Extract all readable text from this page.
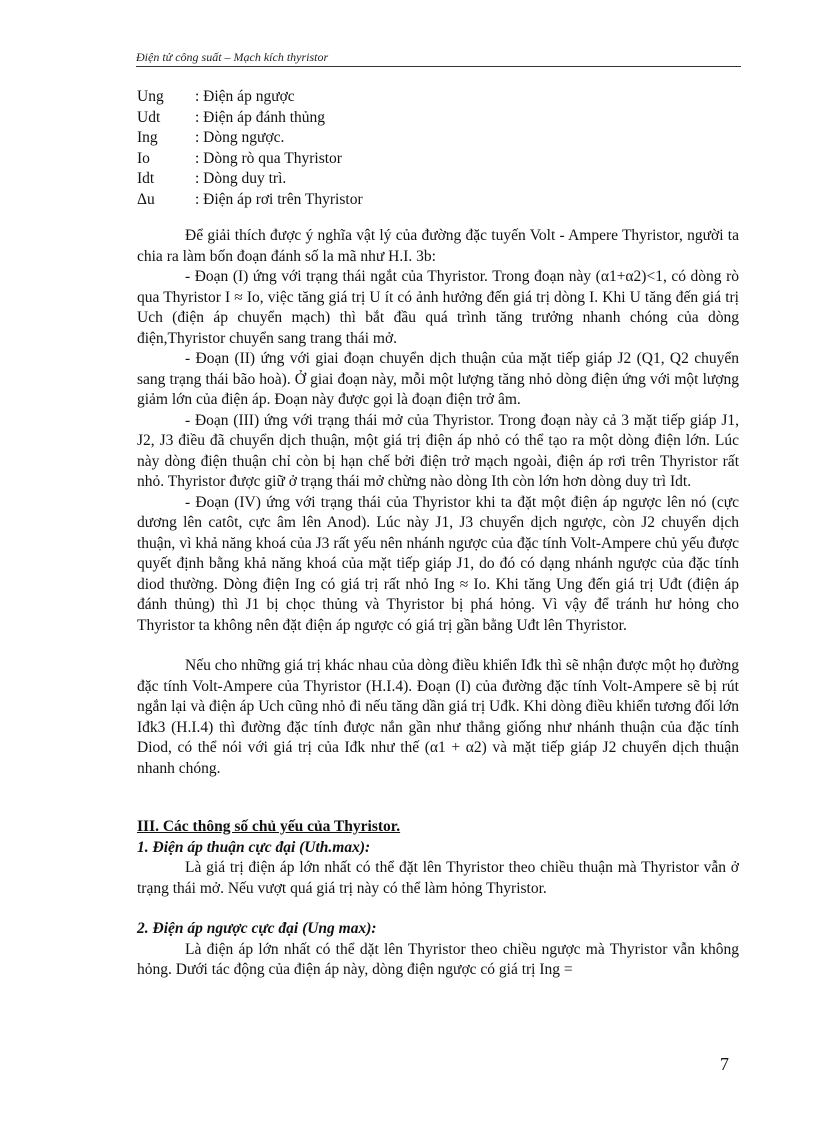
Điện tử công suất – Mạch kích thyristor
Ung	: Điện áp ngược
Udt	: Điện áp đánh thủng
Ing	: Dòng ngược.
Io	: Dòng rò qua Thyristor
Idt	: Dòng duy trì.
Δu	: Điện áp rơi trên Thyristor

Để giải thích được ý nghĩa vật lý của đường đặc tuyến Volt - Ampere Thyristor, người ta chia ra làm bốn đoạn đánh số la mã như H.I. 3b:

- Đoạn (I) ứng với trạng thái ngắt của Thyristor. Trong đoạn này (α1+α2)<1, có dòng rò qua Thyristor I ≈ Io, việc tăng giá trị U ít có ảnh hưởng đến giá trị dòng I. Khi U tăng đến giá trị Uch (điện áp chuyển mạch) thì bắt đầu quá trình tăng trưởng nhanh chóng của dòng điện,Thyristor chuyển sang trang thái mở.

- Đoạn (II) ứng với giai đoạn chuyển dịch thuận của mặt tiếp giáp J2 (Q1, Q2 chuyển sang trạng thái bão hoà). Ở giai đoạn này, mỗi một lượng tăng nhỏ dòng điện ứng với một lượng giảm lớn của điện áp. Đoạn này được gọi là đoạn điện trở âm.

- Đoạn (III) ứng với trạng thái mở của Thyristor. Trong đoạn này cả 3 mặt tiếp giáp J1, J2, J3 điều đã chuyển dịch thuận, một giá trị điện áp nhỏ có thể tạo ra một dòng điện lớn. Lúc này dòng điện thuận chỉ còn bị hạn chế bởi điện trở mạch ngoài, điện áp rơi trên Thyristor rất nhỏ. Thyristor được giữ ở trạng thái mở chừng nào dòng Ith còn lớn hơn dòng duy trì Idt.

- Đoạn (IV) ứng với trạng thái của Thyristor khi ta đặt một điện áp ngược lên nó (cực dương lên catôt, cực âm lên Anod). Lúc này J1, J3 chuyển dịch ngược, còn J2 chuyển dịch thuận, vì khả năng khoá của J3 rất yếu nên nhánh ngược của đặc tính Volt-Ampere chủ yếu được quyết định bằng khả năng khoá của mặt tiếp giáp J1, do đó có dạng nhánh ngược của đặc tính diod thường. Dòng điện Ing có giá trị rất nhỏ Ing ≈ Io. Khi tăng Ung đến giá trị Uđt (điện áp đánh thủng) thì J1 bị chọc thủng và Thyristor bị phá hỏng. Vì vậy để tránh hư hỏng cho Thyristor ta không nên đặt điện áp ngược có giá trị gần bằng Uđt lên Thyristor.

Nếu cho những giá trị khác nhau của dòng điều khiển Iđk thì sẽ nhận được một họ đường đặc tính Volt-Ampere của Thyristor (H.I.4). Đoạn (I) của đường đặc tính Volt-Ampere sẽ bị rút ngắn lại và điện áp Uch cũng nhỏ đi nếu tăng dần giá trị Uđk. Khi dòng điều khiển tương đối lớn Iđk3 (H.I.4) thì đường đặc tính được nắn gần như thẳng giống như nhánh thuận của đặc tính Diod, có thể nói với giá trị của Iđk như thế (α1 + α2) và mặt tiếp giáp J2 chuyển dịch thuận nhanh chóng.

III. Các thông số chủ yếu của Thyristor.

1. Điện áp thuận cực đại (Uth.max):

Là giá trị điện áp lớn nhất có thể đặt lên Thyristor theo chiều thuận mà Thyristor vẫn ở trạng thái mở. Nếu vượt quá giá trị này có thể làm hỏng Thyristor.

2. Điện áp ngược cực đại (Ung max):

Là điện áp lớn nhất có thể dặt lên Thyristor theo chiều ngược mà Thyristor vẫn không hỏng. Dưới tác động của điện áp này, dòng điện ngược có giá trị Ing =

7
